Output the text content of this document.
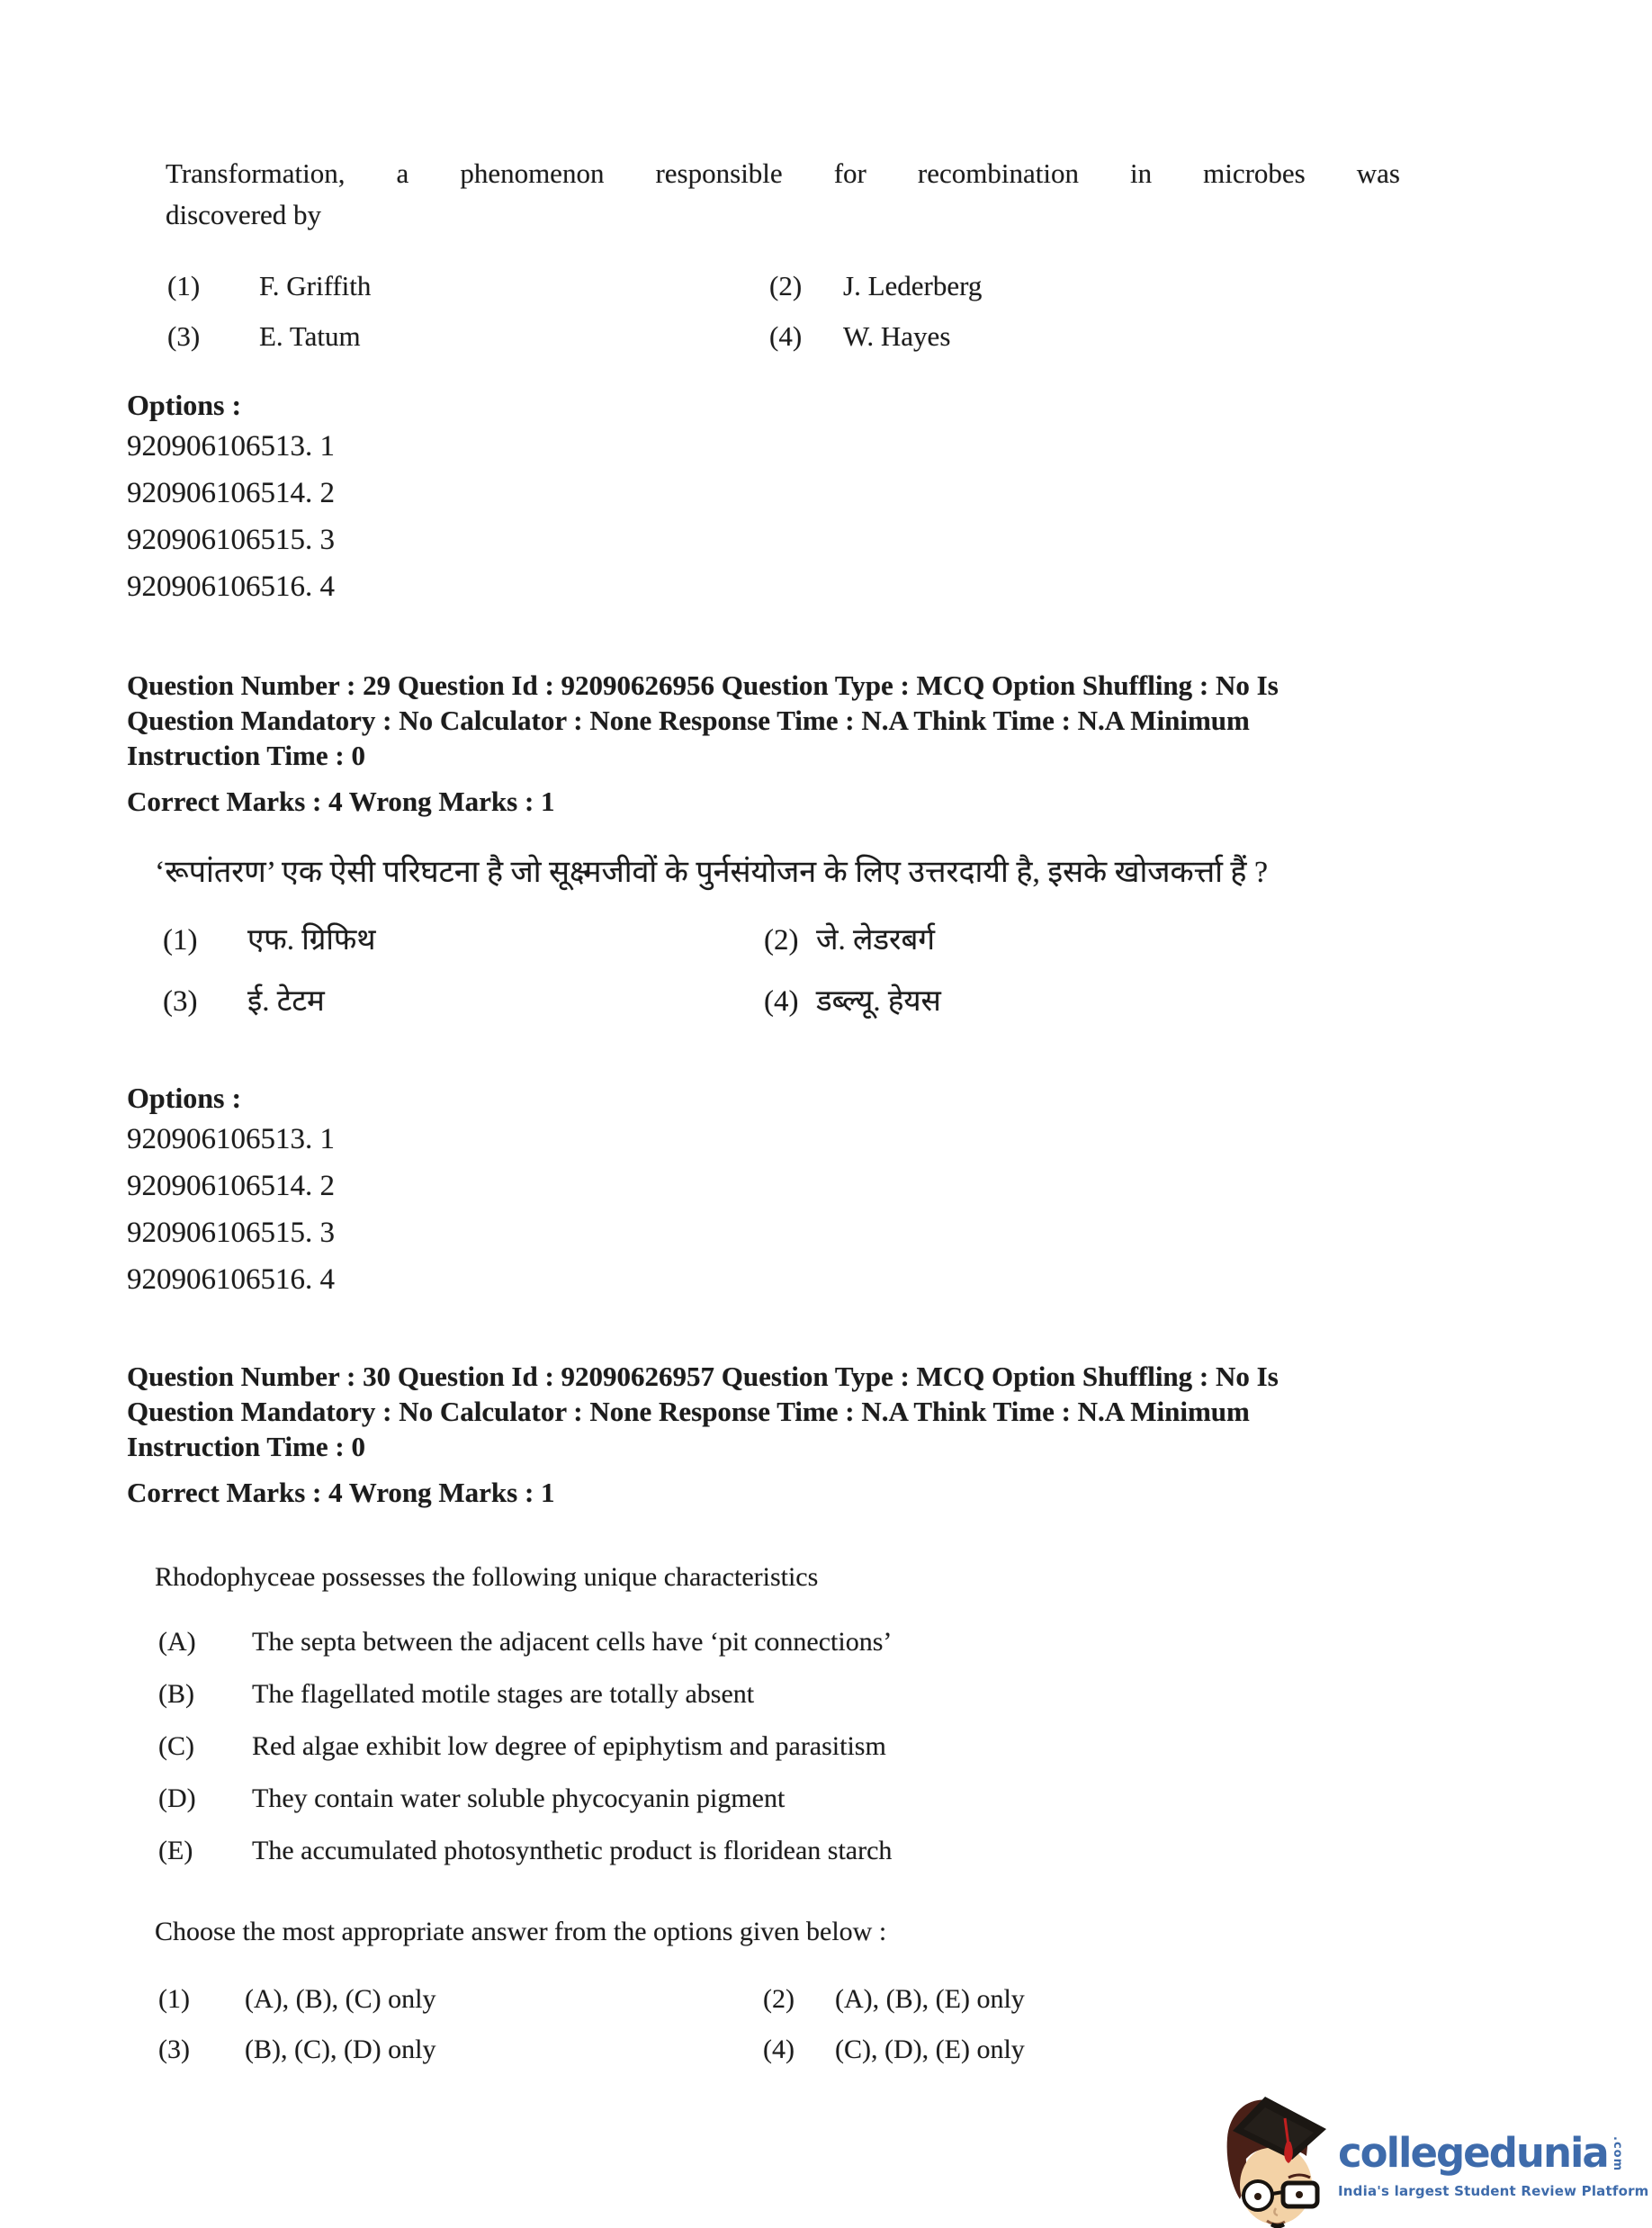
Transformation, a phenomenon responsible for recombination in microbes was
discovered by
(1)	F. Griffith	(2)	J. Lederberg
(3)	E. Tatum	(4)	W. Hayes
Options :
920906106513. 1
920906106514. 2
920906106515. 3
920906106516. 4
Question Number : 29 Question Id : 92090626956 Question Type : MCQ Option Shuffling : No Is
Question Mandatory : No Calculator : None Response Time : N.A Think Time : N.A Minimum
Instruction Time : 0
Correct Marks : 4 Wrong Marks : 1
‘रूपांतरण’ एक ऐसी परिघटना है जो सूक्ष्मजीवों के पुर्नसंयोजन के लिए उत्तरदायी है, इसके खोजकर्त्ता हैं ?
(1)	एफ. ग्रिफिथ	(2) जे. लेडरबर्ग
(3)	ई. टेटम	(4) डब्ल्यू. हेयस
Options :
920906106513. 1
920906106514. 2
920906106515. 3
920906106516. 4
Question Number : 30 Question Id : 92090626957 Question Type : MCQ Option Shuffling : No Is
Question Mandatory : No Calculator : None Response Time : N.A Think Time : N.A Minimum
Instruction Time : 0
Correct Marks : 4 Wrong Marks : 1
Rhodophyceae possesses the following unique characteristics
(A)	The septa between the adjacent cells have ‘pit connections’
(B)	The flagellated motile stages are totally absent
(C)	Red algae exhibit low degree of epiphytism and parasitism
(D)	They contain water soluble phycocyanin pigment
(E)	The accumulated photosynthetic product is floridean starch
Choose the most appropriate answer from the options given below :
(1)	(A), (B), (C) only	(2)	(A), (B), (E) only
(3)	(B), (C), (D) only	(4)	(C), (D), (E) only
collegedunia .com
India's largest Student Review Platform
